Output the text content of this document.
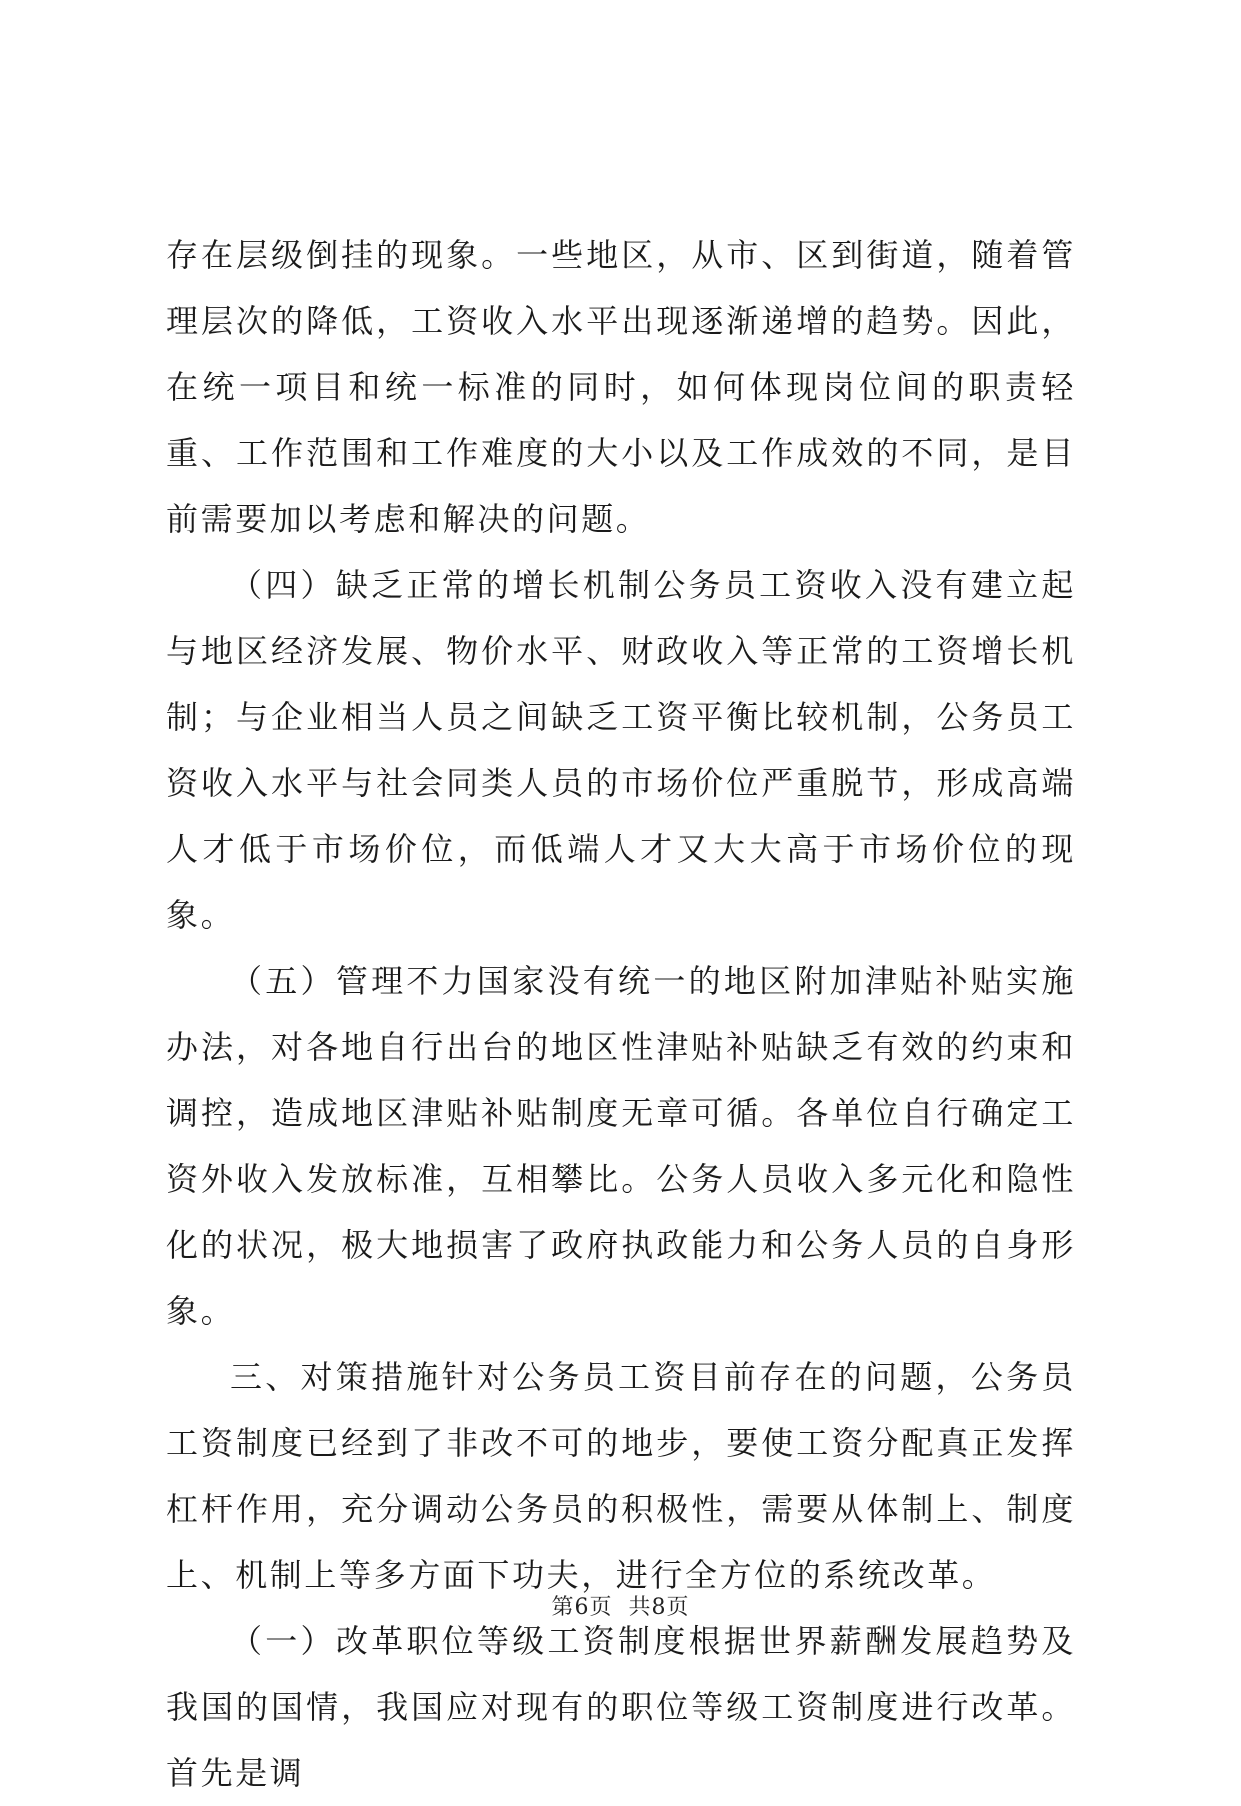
存在层级倒挂的现象。一些地区，从市、区到街道，随着管理层次的降低，工资收入水平出现逐渐递增的趋势。因此，在统一项目和统一标准的同时，如何体现岗位间的职责轻重、工作范围和工作难度的大小以及工作成效的不同，是目前需要加以考虑和解决的问题。

（四）缺乏正常的增长机制公务员工资收入没有建立起与地区经济发展、物价水平、财政收入等正常的工资增长机制；与企业相当人员之间缺乏工资平衡比较机制，公务员工资收入水平与社会同类人员的市场价位严重脱节，形成高端人才低于市场价位，而低端人才又大大高于市场价位的现象。

（五）管理不力国家没有统一的地区附加津贴补贴实施办法，对各地自行出台的地区性津贴补贴缺乏有效的约束和调控，造成地区津贴补贴制度无章可循。各单位自行确定工资外收入发放标准，互相攀比。公务人员收入多元化和隐性化的状况，极大地损害了政府执政能力和公务人员的自身形象。

三、对策措施针对公务员工资目前存在的问题，公务员工资制度已经到了非改不可的地步，要使工资分配真正发挥杠杆作用，充分调动公务员的积极性，需要从体制上、制度上、机制上等多方面下功夫，进行全方位的系统改革。

（一）改革职位等级工资制度根据世界薪酬发展趋势及我国的国情，我国应对现有的职位等级工资制度进行改革。首先是调

第6页 共8页
